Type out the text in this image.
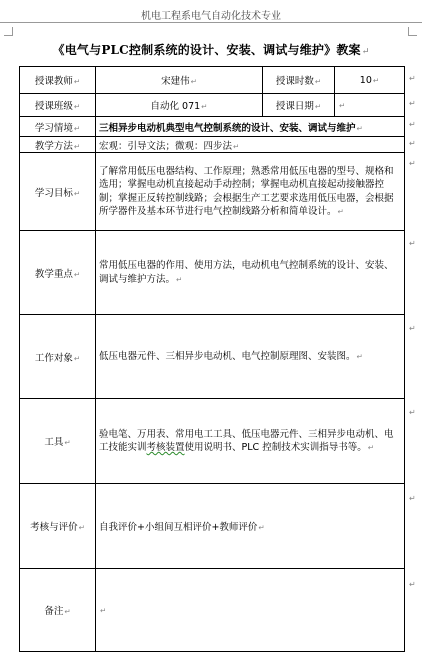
机电工程系电气自动化技术专业
《电气与PLC控制系统的设计、安装、调试与维护》教案↵
授课教师↵	宋建伟↵	授课时数↵	10↵
授课班级↵	自动化 071↵	授课日期↵	↵
学习情境↵	三相异步电动机典型电气控制系统的设计、安装、调试与维护↵		
教学方法↵	宏观：引导文法；微观：四步法↵		
学习目标↵	了解常用低压电器结构、工作原理；熟悉常用低压电器的型号、规格和选用；掌握电动机直接起动手动控制；掌握电动机直接起动接触器控制；掌握正反转控制线路；会根据生产工艺要求选用低压电器，会根据所学器件及基本环节进行电气控制线路分析和简单设计。↵		
教学重点↵	常用低压电器的作用、使用方法，电动机电气控制系统的设计、安装、调试与维护方法。↵		
工作对象↵	低压电器元件、三相异步电动机、电气控制原理图、安装图。↵		
工具↵	验电笔、万用表、常用电工工具、低压电器元件、三相异步电动机、电工技能实训考核装置使用说明书、PLC 控制技术实训指导书等。↵		
考核与评价↵	自我评价+小组间互相评价+教师评价↵		
备注↵	↵		
↵
↵
↵
↵
↵
↵
↵
↵
↵
↵
